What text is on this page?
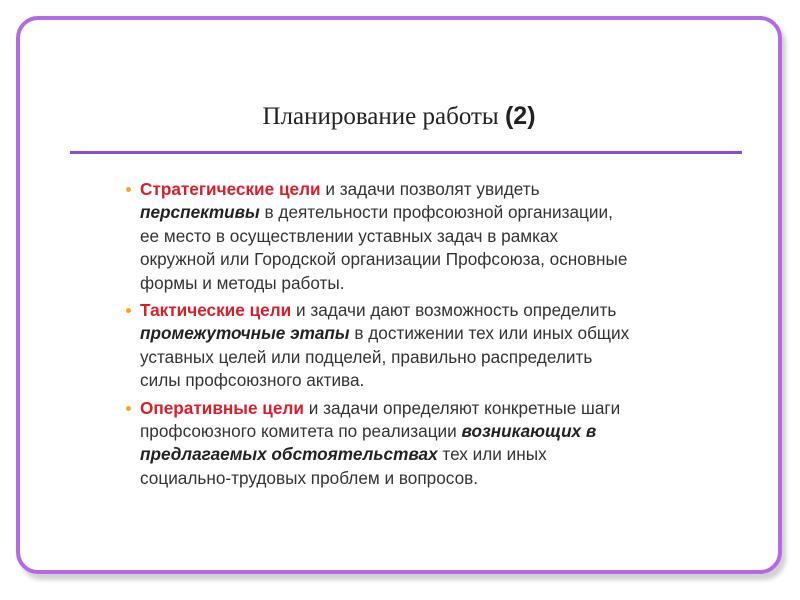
Планирование работы (2)
Стратегические цели и задачи позволят увидеть
перспективы в деятельности профсоюзной организации,
ее место в осуществлении уставных задач в рамках
окружной или Городской организации Профсоюза, основные
формы и методы работы.
Тактические цели и задачи дают возможность определить
промежуточные этапы в достижении тех или иных общих
уставных целей или подцелей, правильно распределить
силы профсоюзного актива.
Оперативные цели и задачи определяют конкретные шаги
профсоюзного комитета по реализации возникающих в
предлагаемых обстоятельствах тех или иных
социально-трудовых проблем и вопросов.
